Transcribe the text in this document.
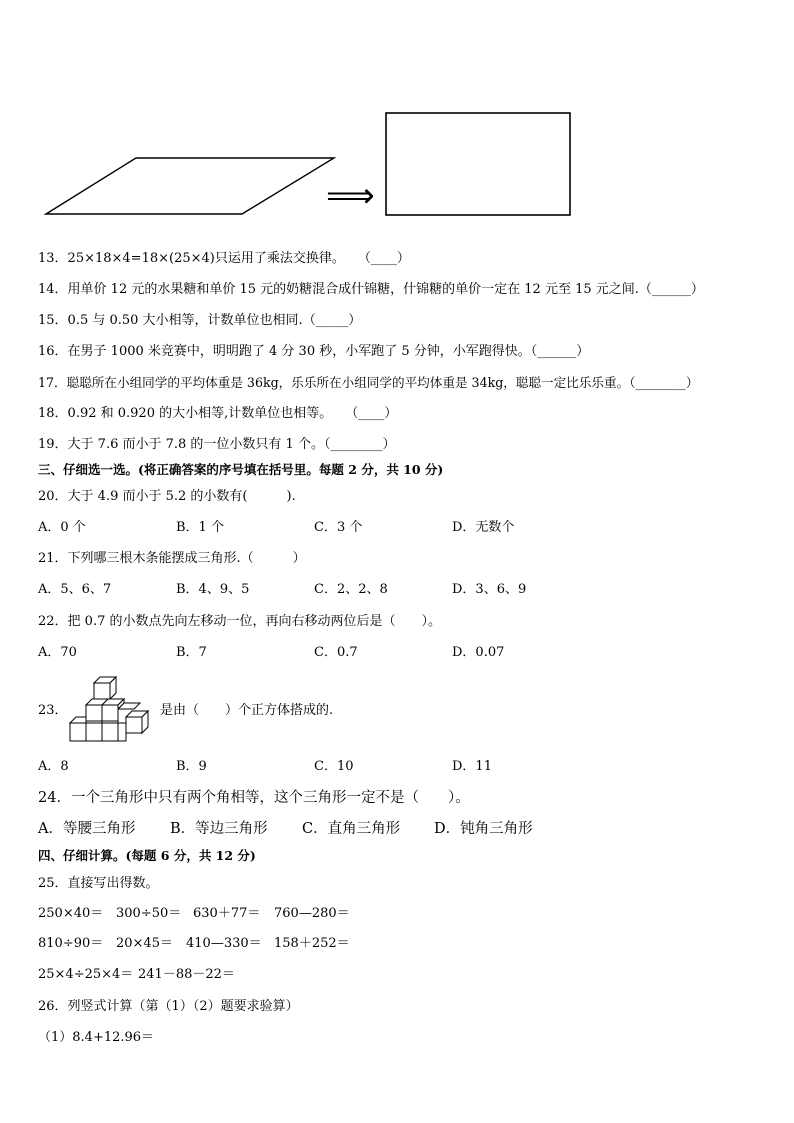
⟹
13．25×18×4=18×(25×4)只运用了乘法交换律。　　（____）
14．用单价 12 元的水果糖和单价 15 元的奶糖混合成什锦糖，什锦糖的单价一定在 12 元至 15 元之间.（______）
15．0.5 与 0.50 大小相等，计数单位也相同.（_____）
16．在男子 1000 米竞赛中，明明跑了 4 分 30 秒，小军跑了 5 分钟，小军跑得快。（______）
17．聪聪所在小组同学的平均体重是 36kg，乐乐所在小组同学的平均体重是 34kg，聪聪一定比乐乐重。（________）
18．0.92 和 0.920 的大小相等,计数单位也相等。　　（____）
19．大于 7.6 而小于 7.8 的一位小数只有 1 个。（________）
三、仔细选一选。(将正确答案的序号填在括号里。每题 2 分，共 10 分)
20．大于 4.9 而小于 5.2 的小数有(　　　).
A．0 个	B．1 个	C．3 个	D．无数个
21．下列哪三根木条能摆成三角形.（　　　）
A．5、6、7	B．4、9、5	C．2、2、8	D．3、6、9
22．把 0.7 的小数点先向左移动一位，再向右移动两位后是（　　）。
A．70	B．7	C．0.7	D．0.07
23．	是由（　　）个正方体搭成的.
A．8	B．9	C．10	D．11
24．一个三角形中只有两个角相等，这个三角形一定不是（　　）。
A．等腰三角形 B．等边三角形 C．直角三角形 D．钝角三角形
四、仔细计算。(每题 6 分，共 12 分)
25．直接写出得数。
250×40＝ 300÷50＝ 630＋77＝ 760—280＝
810÷90＝ 20×45＝ 410—330＝ 158＋252＝
25×4÷25×4＝ 241－88－22＝
26．列竖式计算（第（1）（2）题要求验算）
（1）8.4+12.96＝
